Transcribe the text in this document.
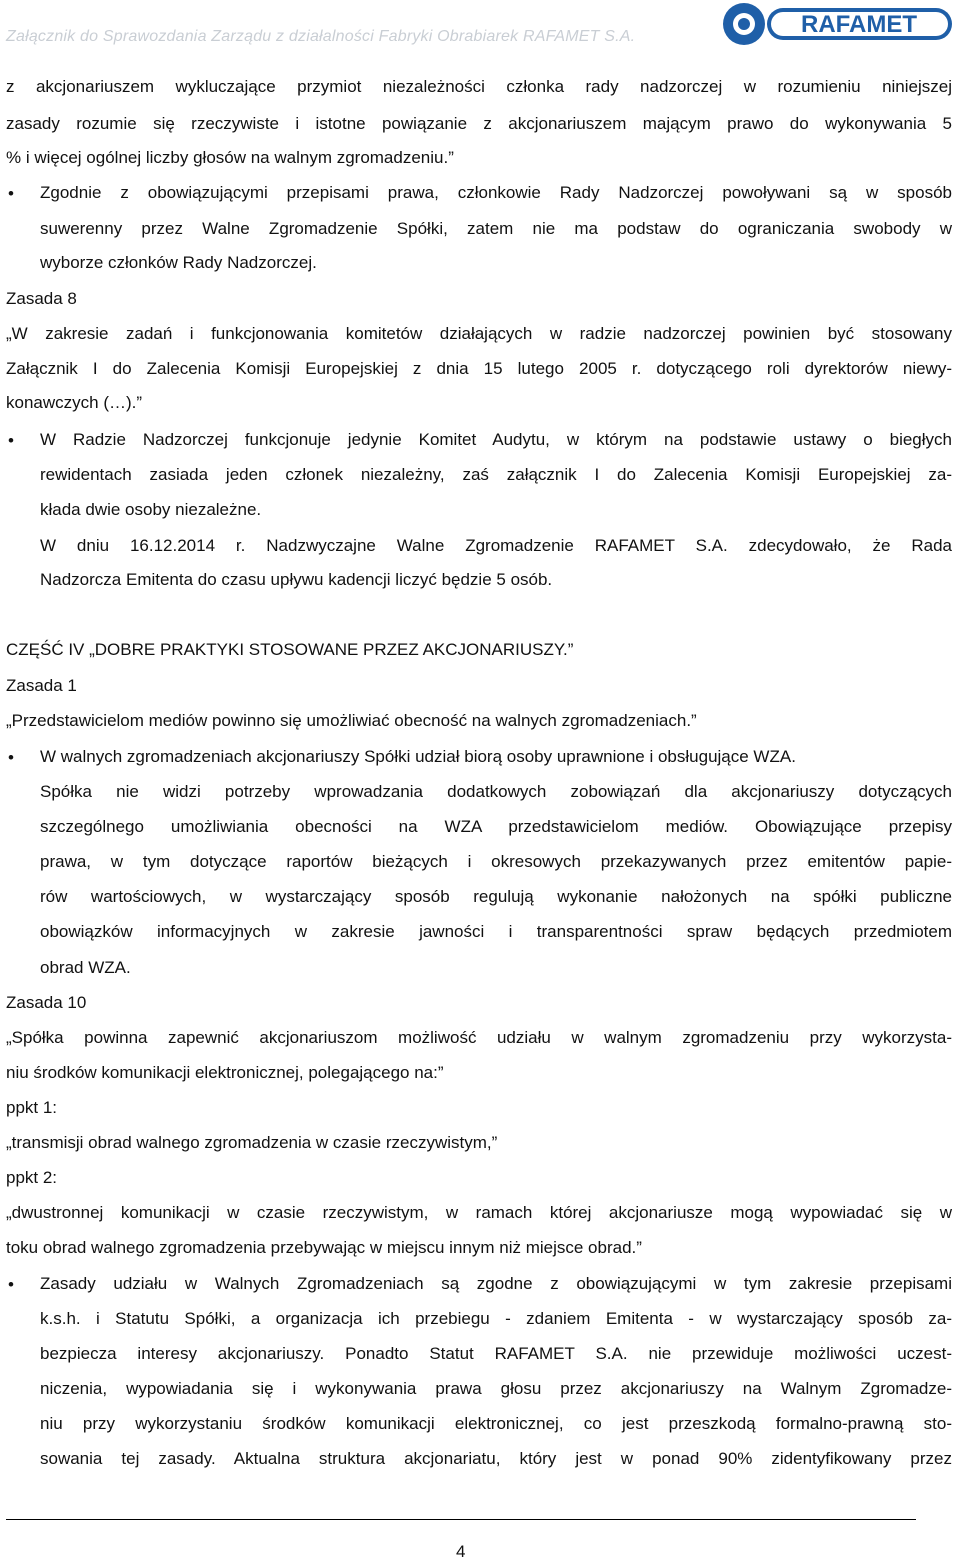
Załącznik do Sprawozdania Zarządu z działalności Fabryki Obrabiarek RAFAMET S.A.	RAFAMET
z akcjonariuszem wykluczające przymiot niezależności członka rady nadzorczej w rozumieniu niniejszej
zasady rozumie się rzeczywiste i istotne powiązanie z akcjonariuszem mającym prawo do wykonywania 5
% i więcej ogólnej liczby głosów na walnym zgromadzeniu.”
• Zgodnie z obowiązującymi przepisami prawa, członkowie Rady Nadzorczej powoływani są w sposób
suwerenny przez Walne Zgromadzenie Spółki, zatem nie ma podstaw do ograniczania swobody w
wyborze członków Rady Nadzorczej.
Zasada 8
„W zakresie zadań i funkcjonowania komitetów działających w radzie nadzorczej powinien być stosowany
Załącznik I do Zalecenia Komisji Europejskiej z dnia 15 lutego 2005 r. dotyczącego roli dyrektorów niewy-
konawczych (…).”
• W Radzie Nadzorczej funkcjonuje jedynie Komitet Audytu, w którym na podstawie ustawy o biegłych
rewidentach zasiada jeden członek niezależny, zaś załącznik I do Zalecenia Komisji Europejskiej za-
kłada dwie osoby niezależne.
W dniu 16.12.2014 r. Nadzwyczajne Walne Zgromadzenie RAFAMET S.A. zdecydowało, że Rada
Nadzorcza Emitenta do czasu upływu kadencji liczyć będzie 5 osób.
CZĘŚĆ IV „DOBRE PRAKTYKI STOSOWANE PRZEZ AKCJONARIUSZY.”
Zasada 1
„Przedstawicielom mediów powinno się umożliwiać obecność na walnych zgromadzeniach.”
• W walnych zgromadzeniach akcjonariuszy Spółki udział biorą osoby uprawnione i obsługujące WZA.
Spółka nie widzi potrzeby wprowadzania dodatkowych zobowiązań dla akcjonariuszy dotyczących
szczególnego umożliwiania obecności na WZA przedstawicielom mediów. Obowiązujące przepisy
prawa, w tym dotyczące raportów bieżących i okresowych przekazywanych przez emitentów papie-
rów wartościowych, w wystarczający sposób regulują wykonanie nałożonych na spółki publiczne
obowiązków informacyjnych w zakresie jawności i transparentności spraw będących przedmiotem
obrad WZA.
Zasada 10
„Spółka powinna zapewnić akcjonariuszom możliwość udziału w walnym zgromadzeniu przy wykorzysta-
niu środków komunikacji elektronicznej, polegającego na:”
ppkt 1:
„transmisji obrad walnego zgromadzenia w czasie rzeczywistym,”
ppkt 2:
„dwustronnej komunikacji w czasie rzeczywistym, w ramach której akcjonariusze mogą wypowiadać się w
toku obrad walnego zgromadzenia przebywając w miejscu innym niż miejsce obrad.”
• Zasady udziału w Walnych Zgromadzeniach są zgodne z obowiązującymi w tym zakresie przepisami
k.s.h. i Statutu Spółki, a organizacja ich przebiegu - zdaniem Emitenta - w wystarczający sposób za-
bezpiecza interesy akcjonariuszy. Ponadto Statut RAFAMET S.A. nie przewiduje możliwości uczest-
niczenia, wypowiadania się i wykonywania prawa głosu przez akcjonariuszy na Walnym Zgromadze-
niu przy wykorzystaniu środków komunikacji elektronicznej, co jest przeszkodą formalno-prawną sto-
sowania tej zasady. Aktualna struktura akcjonariatu, który jest w ponad 90% zidentyfikowany przez
4
